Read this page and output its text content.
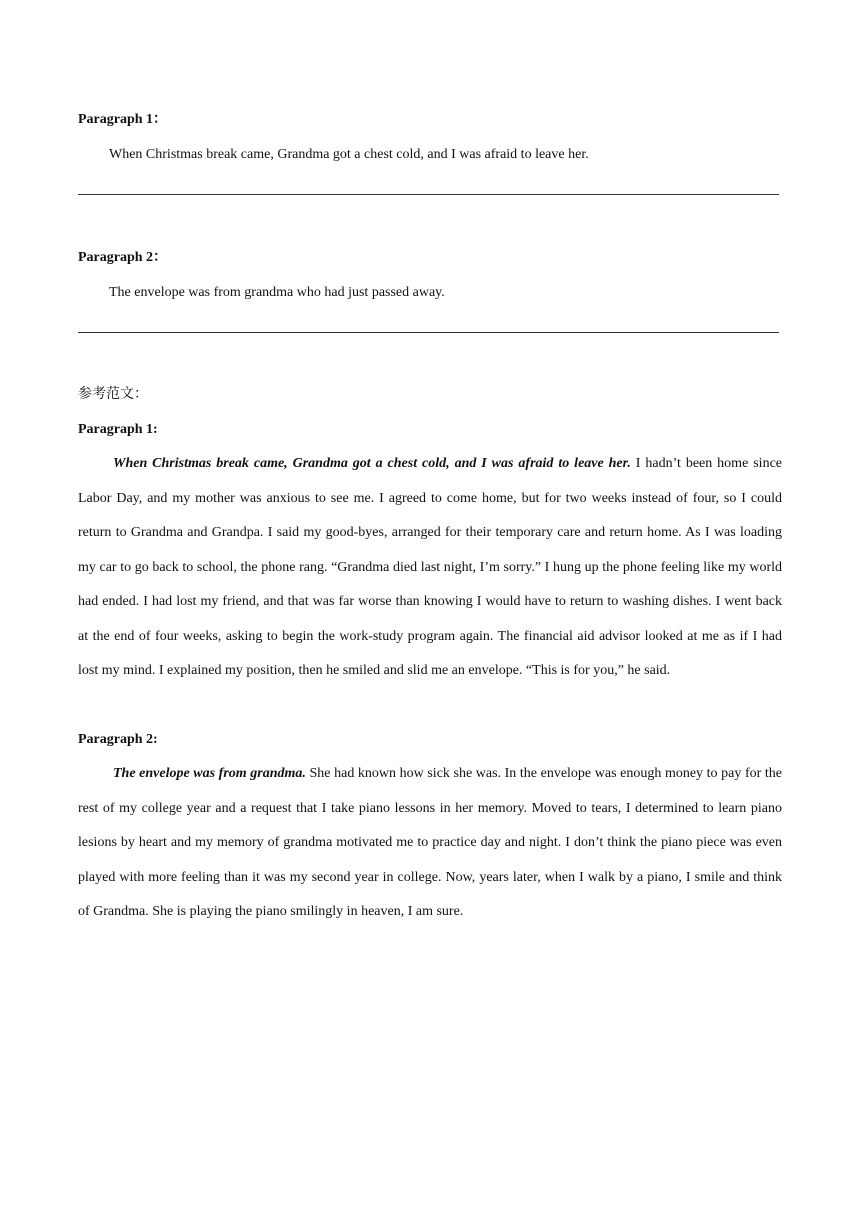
Paragraph 1：
When Christmas break came, Grandma got a chest cold, and I was afraid to leave her.
Paragraph 2：
The envelope was from grandma who had just passed away.
参考范文：
Paragraph 1:

When Christmas break came, Grandma got a chest cold, and I was afraid to leave her. I hadn’t been home since Labor Day, and my mother was anxious to see me. I agreed to come home, but for two weeks instead of four, so I could return to Grandma and Grandpa. I said my good-byes, arranged for their temporary care and return home. As I was loading my car to go back to school, the phone rang. “Grandma died last night, I’m sorry.” I hung up the phone feeling like my world had ended. I had lost my friend, and that was far worse than knowing I would have to return to washing dishes. I went back at the end of four weeks, asking to begin the work-study program again. The financial aid advisor looked at me as if I had lost my mind. I explained my position, then he smiled and slid me an envelope. “This is for you,” he said.

Paragraph 2:

The envelope was from grandma. She had known how sick she was. In the envelope was enough money to pay for the rest of my college year and a request that I take piano lessons in her memory. Moved to tears, I determined to learn piano lesions by heart and my memory of grandma motivated me to practice day and night. I don’t think the piano piece was even played with more feeling than it was my second year in college. Now, years later, when I walk by a piano, I smile and think of Grandma. She is playing the piano smilingly in heaven, I am sure.
